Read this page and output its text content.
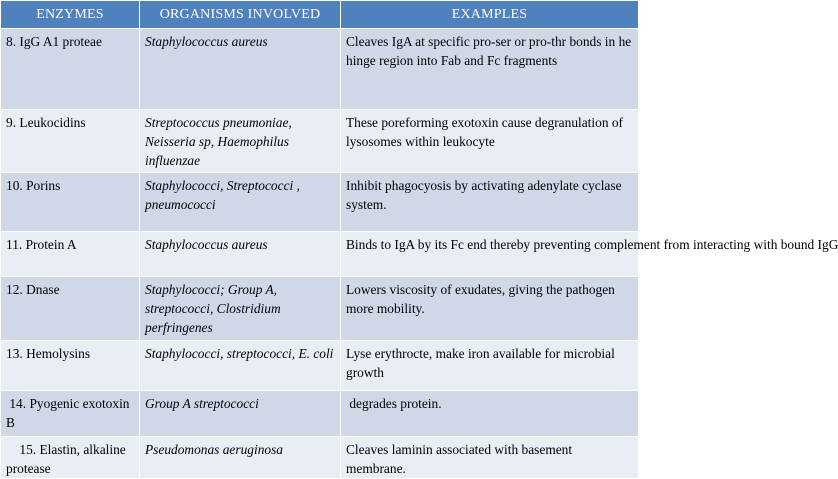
ENZYMES	ORGANISMS INVOLVED	EXAMPLES
8. IgG A1 proteae	Staphylococcus aureus	Cleaves IgA at specific pro-ser or pro-thr bonds in he hinge region into Fab and Fc fragments
9. Leukocidins	Streptococcus pneumoniae, Neisseria sp, Haemophilus influenzae	These poreforming exotoxin cause degranulation of lysosomes within leukocyte
10. Porins	Staphylococci, Streptococci , pneumococci	Inhibit phagocyosis by activating adenylate cyclase system.
11. Protein A	Staphylococcus aureus	Binds to IgA by its Fc end thereby preventing complement from interacting with bound IgG
12. Dnase	Staphylococci; Group A, streptococci, Clostridium perfringenes	Lowers viscosity of exudates, giving the pathogen more mobility.
13. Hemolysins	Staphylococci, streptococci, E. coli	Lyse erythrocte, make iron available for microbial growth
14. Pyogenic exotoxin B	Group A streptococci	degrades protein.
15. Elastin, alkaline protease	Pseudomonas aeruginosa	Cleaves laminin associated with basement membrane.
